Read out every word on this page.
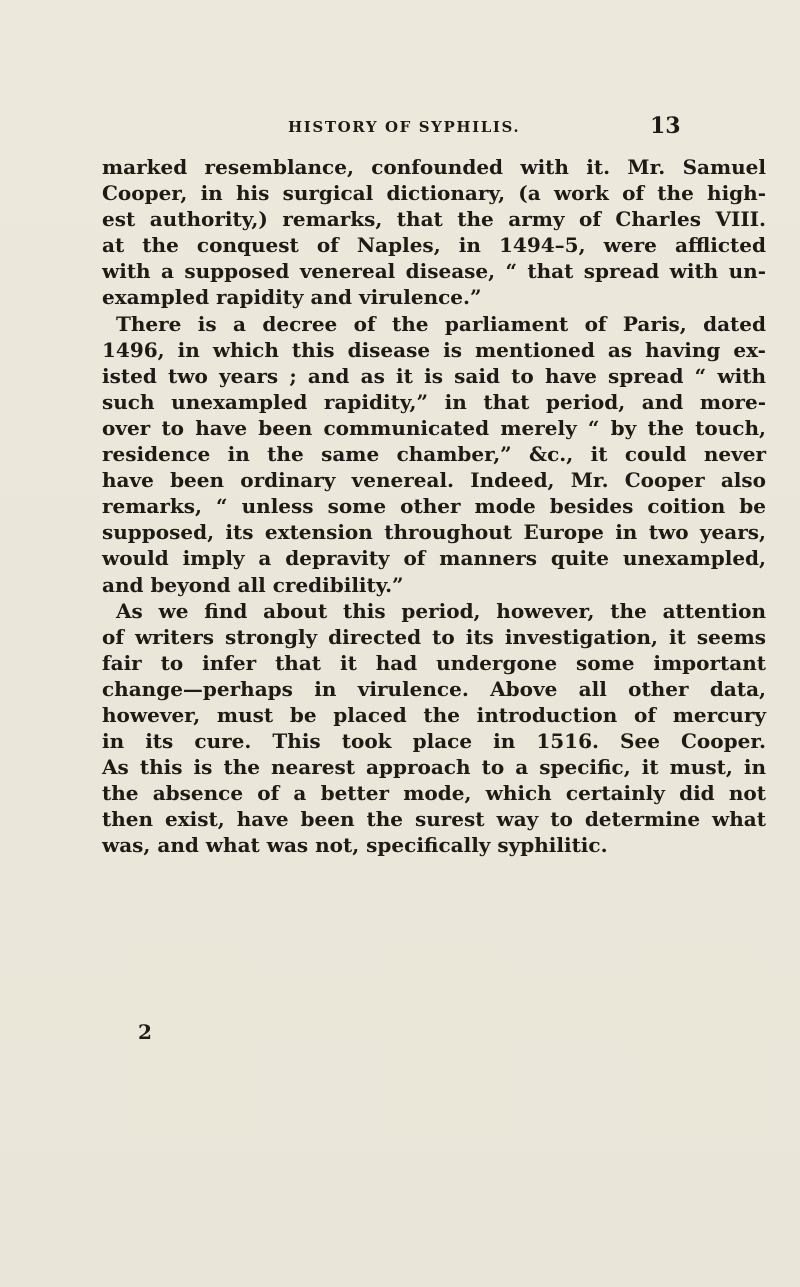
HISTORY OF SYPHILIS.	13
marked resemblance, confounded with it. Mr. Samuel
Cooper, in his surgical dictionary, (a work of the high-
est authority,) remarks, that the army of Charles VIII.
at the conquest of Naples, in 1494–5, were afflicted
with a supposed venereal disease, “ that spread with un-
exampled rapidity and virulence.”
There is a decree of the parliament of Paris, dated
1496, in which this disease is mentioned as having ex-
isted two years ; and as it is said to have spread “ with
such unexampled rapidity,” in that period, and more-
over to have been communicated merely “ by the touch,
residence in the same chamber,” &c., it could never
have been ordinary venereal. Indeed, Mr. Cooper also
remarks, “ unless some other mode besides coition be
supposed, its extension throughout Europe in two years,
would imply a depravity of manners quite unexampled,
and beyond all credibility.”
As we find about this period, however, the attention
of writers strongly directed to its investigation, it seems
fair to infer that it had undergone some important
change—perhaps in virulence. Above all other data,
however, must be placed the introduction of mercury
in its cure. This took place in 1516. See Cooper.
As this is the nearest approach to a specific, it must, in
the absence of a better mode, which certainly did not
then exist, have been the surest way to determine what
was, and what was not, specifically syphilitic.
2
